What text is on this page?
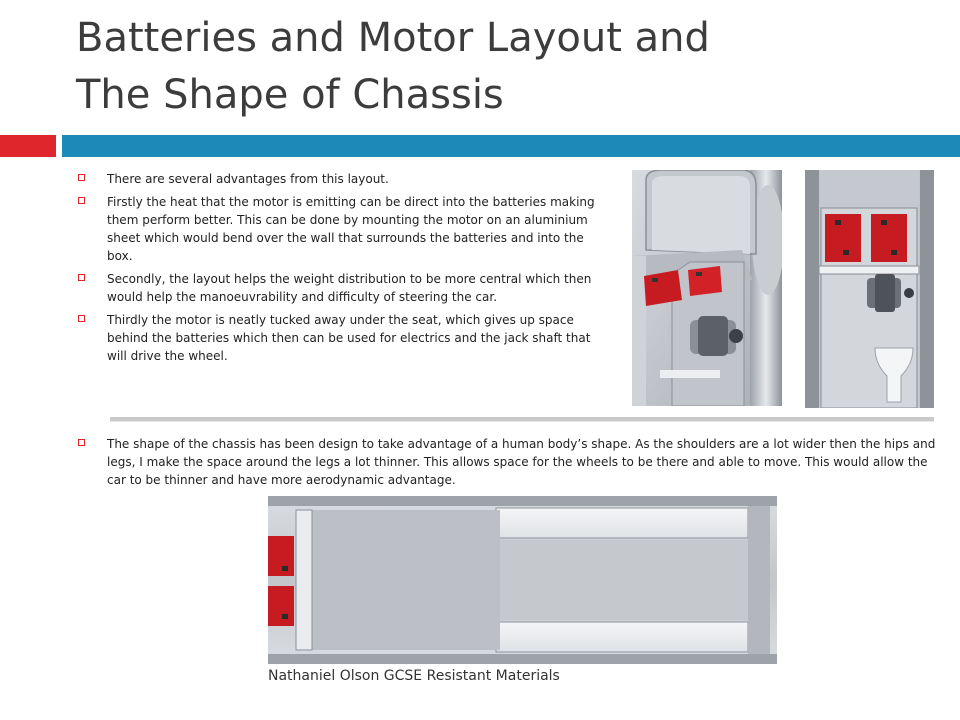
Batteries and Motor Layout and
The Shape of Chassis
There are several advantages from this layout.
Firstly the heat that the motor is emitting can be direct into the batteries making them perform better. This can be done by mounting the motor on an aluminium sheet which would bend over the wall that surrounds the batteries and into the box.
Secondly, the layout helps the weight distribution to be more central which then would help the manoeuvrability and difficulty of steering the car.
Thirdly the motor is neatly tucked away under the seat, which gives up space behind the batteries which then can be used for electrics and the jack shaft that will drive the wheel.
The shape of the chassis has been design to take advantage of a human body’s shape. As the shoulders are a lot wider then the hips and legs, I make the space around the legs a lot thinner. This allows space for the wheels to be there and able to move. This would allow the car to be thinner and have more aerodynamic advantage.
Nathaniel Olson GCSE Resistant Materials
